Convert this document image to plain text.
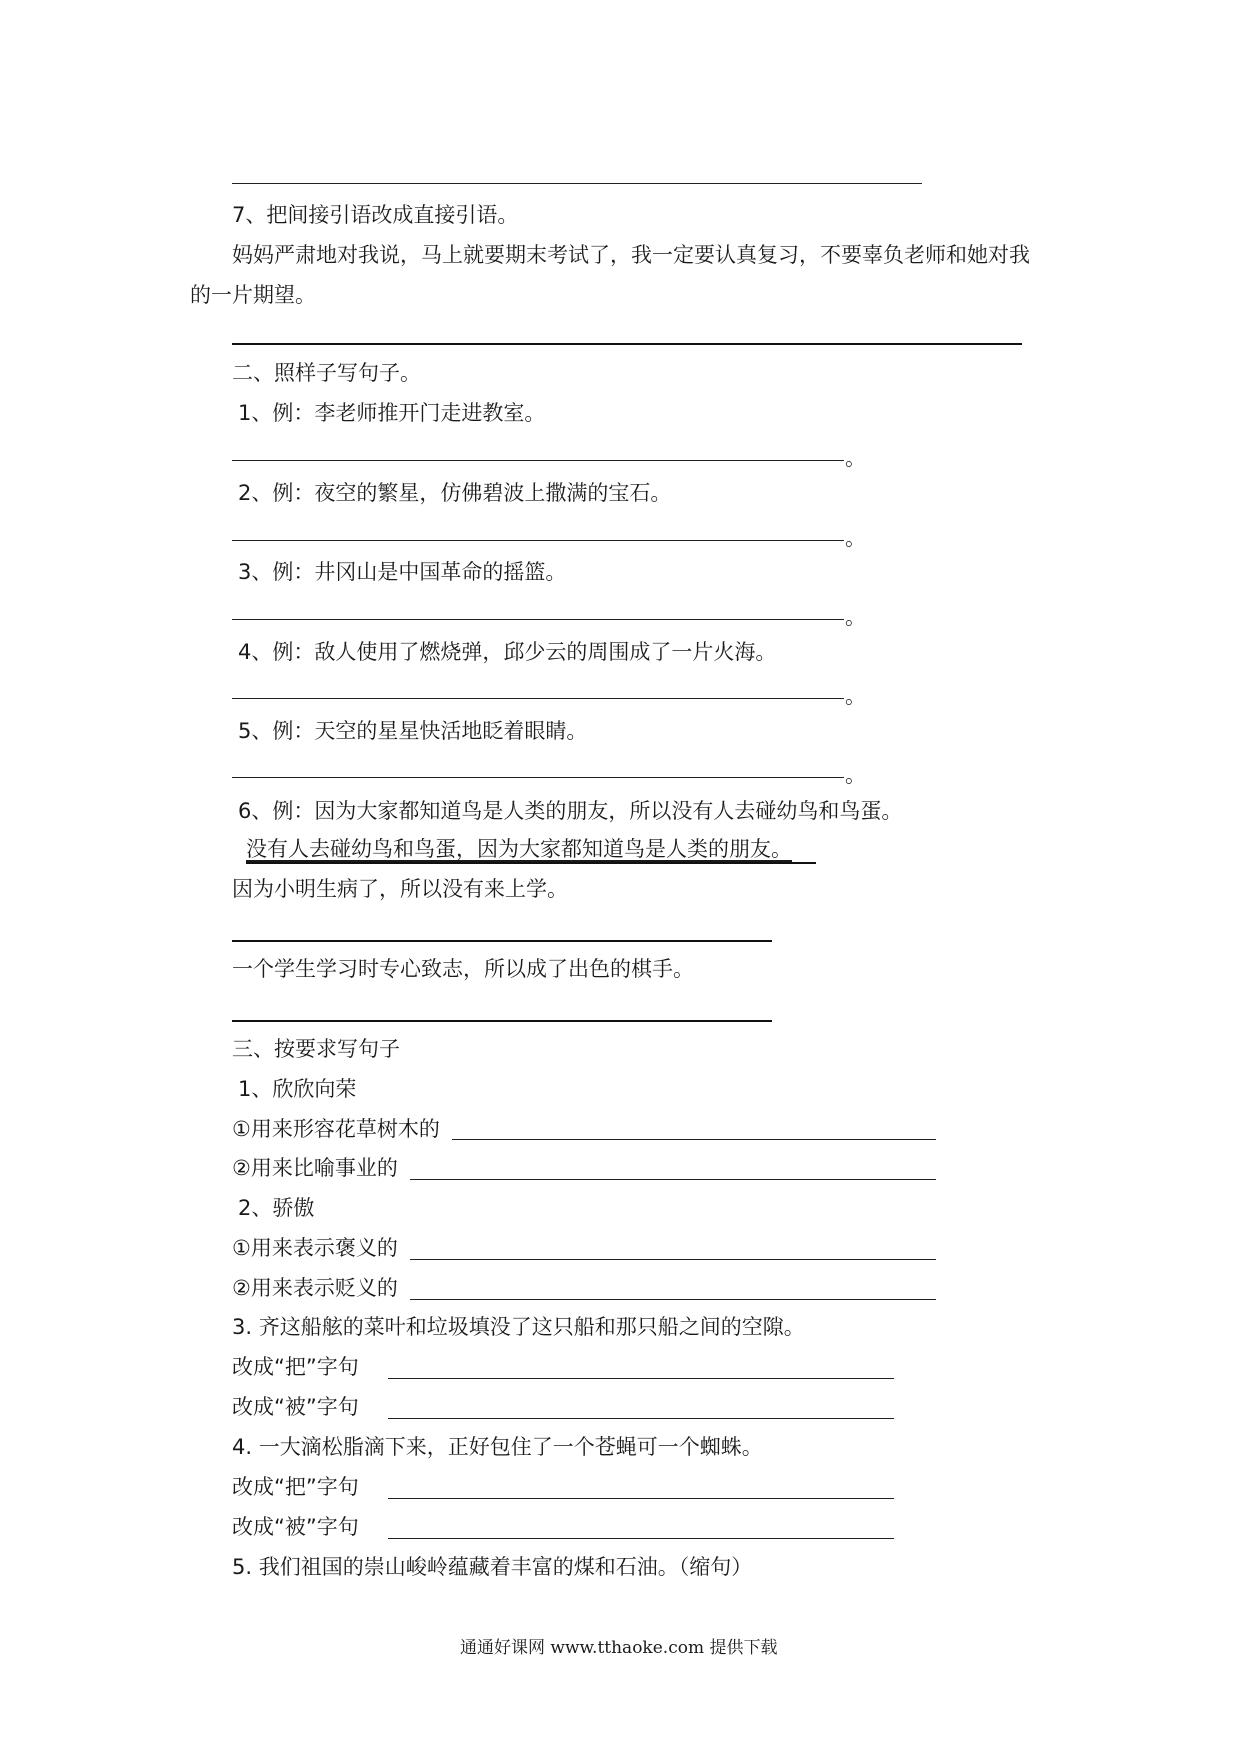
7、把间接引语改成直接引语。
妈妈严肃地对我说，马上就要期末考试了，我一定要认真复习，不要辜负老师和她对我
的一片期望。
二、照样子写句子。
1、例：李老师推开门走进教室。
。
2、例：夜空的繁星，仿佛碧波上撒满的宝石。
。
3、例：井冈山是中国革命的摇篮。
。
4、例：敌人使用了燃烧弹，邱少云的周围成了一片火海。
。
5、例：天空的星星快活地眨着眼睛。
。
6、例：因为大家都知道鸟是人类的朋友，所以没有人去碰幼鸟和鸟蛋。
没有人去碰幼鸟和鸟蛋，因为大家都知道鸟是人类的朋友。
因为小明生病了，所以没有来上学。
一个学生学习时专心致志，所以成了出色的棋手。
三、按要求写句子
1、欣欣向荣
①用来形容花草树木的
②用来比喻事业的
2、骄傲
①用来表示褒义的
②用来表示贬义的
3. 齐这船舷的菜叶和垃圾填没了这只船和那只船之间的空隙。
改成“把”字句
改成“被”字句
4. 一大滴松脂滴下来，正好包住了一个苍蝇可一个蜘蛛。
改成“把”字句
改成“被”字句
5. 我们祖国的崇山峻岭蕴藏着丰富的煤和石油。（缩句）
通通好课网 www.tthaoke.com 提供下载
